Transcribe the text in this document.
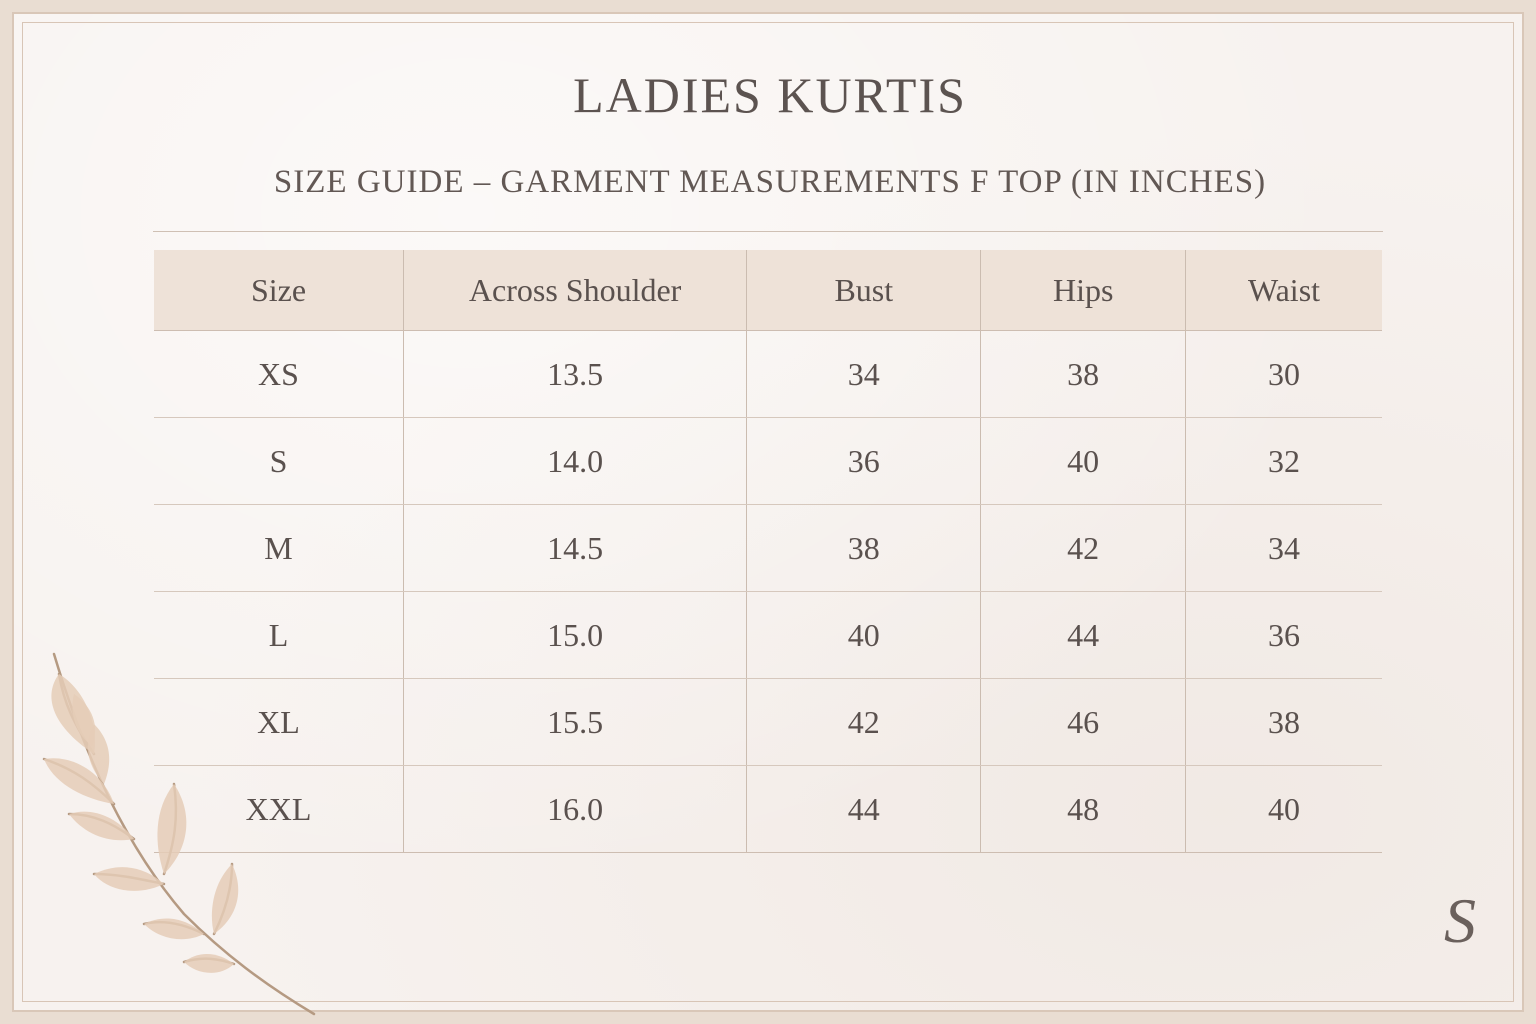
LADIES KURTIS
SIZE GUIDE – GARMENT MEASUREMENTS F TOP (IN INCHES)
Size	Across Shoulder	Bust	Hips	Waist
XS	13.5	34	38	30
S	14.0	36	40	32
M	14.5	38	42	34
L	15.0	40	44	36
XL	15.5	42	46	38
XXL	16.0	44	48	40
S
